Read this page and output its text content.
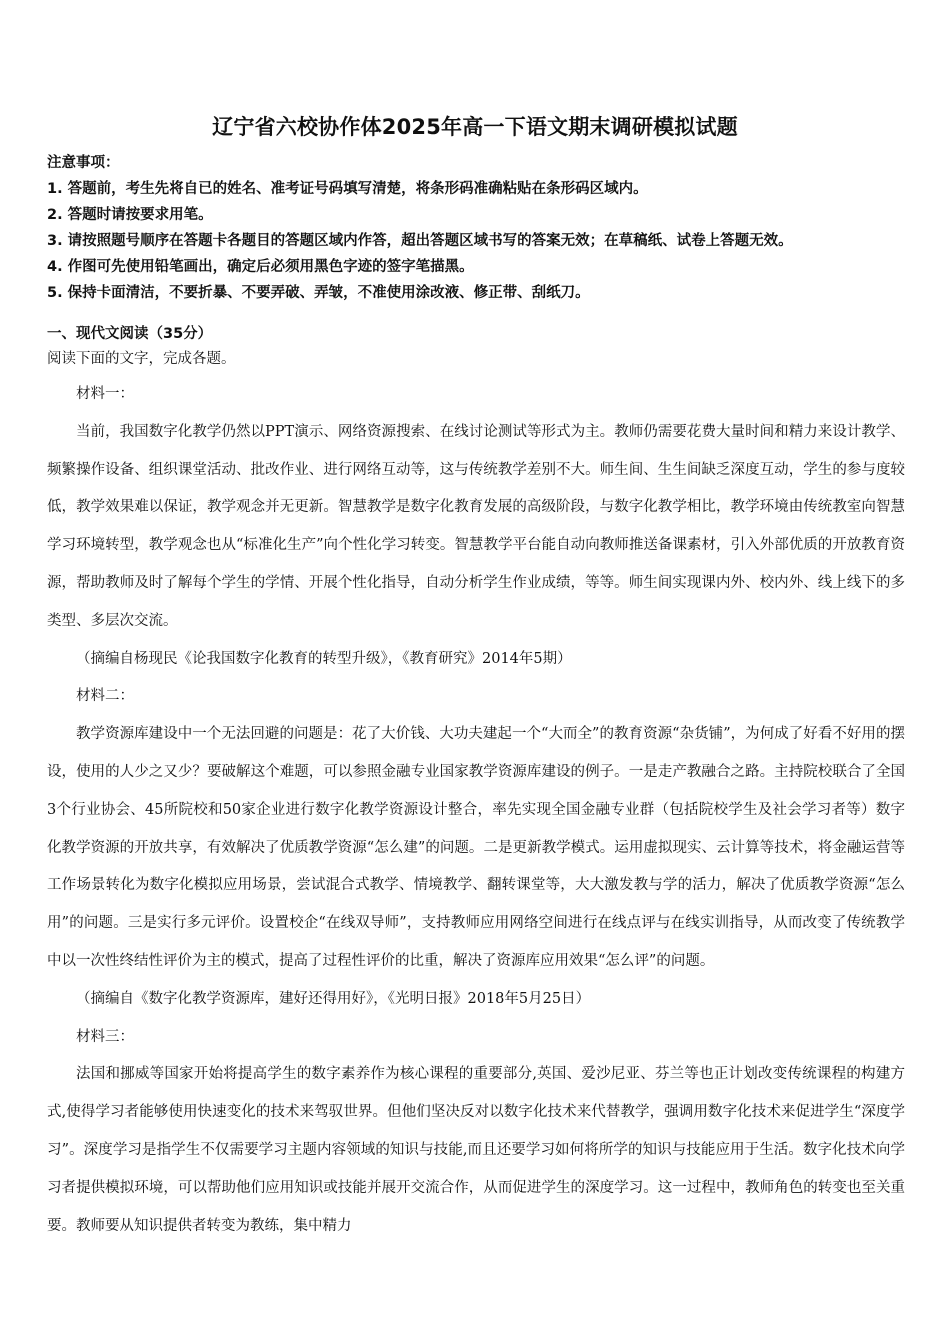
辽宁省六校协作体2025年高一下语文期末调研模拟试题
注意事项：
1. 答题前，考生先将自已的姓名、准考证号码填写清楚，将条形码准确粘贴在条形码区域内。
2. 答题时请按要求用笔。
3. 请按照题号顺序在答题卡各题目的答题区域内作答，超出答题区域书写的答案无效；在草稿纸、试卷上答题无效。
4. 作图可先使用铅笔画出，确定后必须用黑色字迹的签字笔描黑。
5. 保持卡面清洁，不要折暴、不要弄破、弄皱，不准使用涂改液、修正带、刮纸刀。
一、现代文阅读（35分）
阅读下面的文字，完成各题。

材料一：

当前，我国数字化教学仍然以PPT演示、网络资源搜索、在线讨论测试等形式为主。教师仍需要花费大量时间和精力来设计教学、频繁操作设备、组织课堂活动、批改作业、进行网络互动等，这与传统教学差别不大。师生间、生生间缺乏深度互动，学生的参与度较低，教学效果难以保证，教学观念并无更新。智慧教学是数字化教育发展的高级阶段，与数字化教学相比，教学环境由传统教室向智慧学习环境转型，教学观念也从“标准化生产”向个性化学习转变。智慧教学平台能自动向教师推送备课素材，引入外部优质的开放教育资源，帮助教师及时了解每个学生的学情、开展个性化指导，自动分析学生作业成绩，等等。师生间实现课内外、校内外、线上线下的多类型、多层次交流。

（摘编自杨现民《论我国数字化教育的转型升级》，《教育研究》2014年5期）

材料二：

教学资源库建设中一个无法回避的问题是：花了大价钱、大功夫建起一个“大而全”的教育资源“杂货铺”，为何成了好看不好用的摆设，使用的人少之又少？要破解这个难题，可以参照金融专业国家教学资源库建设的例子。一是走产教融合之路。主持院校联合了全国3个行业协会、45所院校和50家企业进行数字化教学资源设计整合，率先实现全国金融专业群（包括院校学生及社会学习者等）数字化教学资源的开放共享，有效解决了优质教学资源“怎么建”的问题。二是更新教学模式。运用虚拟现实、云计算等技术，将金融运营等工作场景转化为数字化模拟应用场景，尝试混合式教学、情境教学、翻转课堂等，大大激发教与学的活力，解决了优质教学资源“怎么用”的问题。三是实行多元评价。设置校企“在线双导师”，支持教师应用网络空间进行在线点评与在线实训指导，从而改变了传统教学中以一次性终结性评价为主的模式，提高了过程性评价的比重，解决了资源库应用效果“怎么评”的问题。

（摘编自《数字化教学资源库，建好还得用好》，《光明日报》2018年5月25日）

材料三：

法国和挪威等国家开始将提高学生的数字素养作为核心课程的重要部分,英国、爱沙尼亚、芬兰等也正计划改变传统课程的构建方式,使得学习者能够使用快速变化的技术来驾驭世界。但他们坚决反对以数字化技术来代替教学，强调用数字化技术来促进学生“深度学习”。深度学习是指学生不仅需要学习主题内容领域的知识与技能,而且还要学习如何将所学的知识与技能应用于生活。数字化技术向学习者提供模拟环境，可以帮助他们应用知识或技能并展开交流合作，从而促进学生的深度学习。这一过程中，教师角色的转变也至关重要。教师要从知识提供者转变为教练，集中精力
